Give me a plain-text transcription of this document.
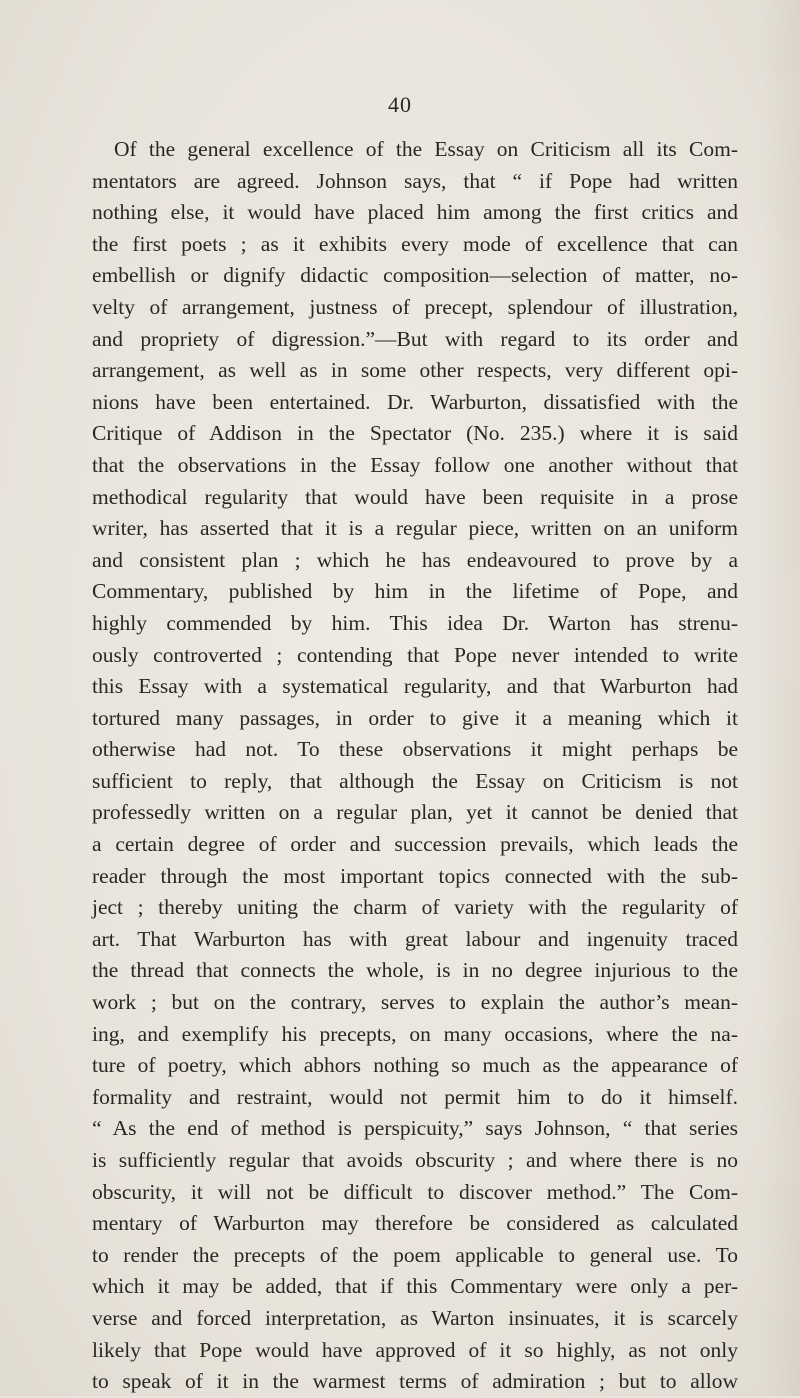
40
Of the general excellence of the Essay on Criticism all its Com-
mentators are agreed. Johnson says, that “ if Pope had written
nothing else, it would have placed him among the first critics and
the first poets ; as it exhibits every mode of excellence that can
embellish or dignify didactic composition—selection of matter, no-
velty of arrangement, justness of precept, splendour of illustration,
and propriety of digression.”—But with regard to its order and
arrangement, as well as in some other respects, very different opi-
nions have been entertained. Dr. Warburton, dissatisfied with the
Critique of Addison in the Spectator (No. 235.) where it is said
that the observations in the Essay follow one another without that
methodical regularity that would have been requisite in a prose
writer, has asserted that it is a regular piece, written on an uniform
and consistent plan ; which he has endeavoured to prove by a
Commentary, published by him in the lifetime of Pope, and
highly commended by him. This idea Dr. Warton has strenu-
ously controverted ; contending that Pope never intended to write
this Essay with a systematical regularity, and that Warburton had
tortured many passages, in order to give it a meaning which it
otherwise had not. To these observations it might perhaps be
sufficient to reply, that although the Essay on Criticism is not
professedly written on a regular plan, yet it cannot be denied that
a certain degree of order and succession prevails, which leads the
reader through the most important topics connected with the sub-
ject ; thereby uniting the charm of variety with the regularity of
art. That Warburton has with great labour and ingenuity traced
the thread that connects the whole, is in no degree injurious to the
work ; but on the contrary, serves to explain the author’s mean-
ing, and exemplify his precepts, on many occasions, where the na-
ture of poetry, which abhors nothing so much as the appearance of
formality and restraint, would not permit him to do it himself.
“ As the end of method is perspicuity,” says Johnson, “ that series
is sufficiently regular that avoids obscurity ; and where there is no
obscurity, it will not be difficult to discover method.” The Com-
mentary of Warburton may therefore be considered as calculated
to render the precepts of the poem applicable to general use. To
which it may be added, that if this Commentary were only a per-
verse and forced interpretation, as Warton insinuates, it is scarcely
likely that Pope would have approved of it so highly, as not only
to speak of it in the warmest terms of admiration ; but to allow
